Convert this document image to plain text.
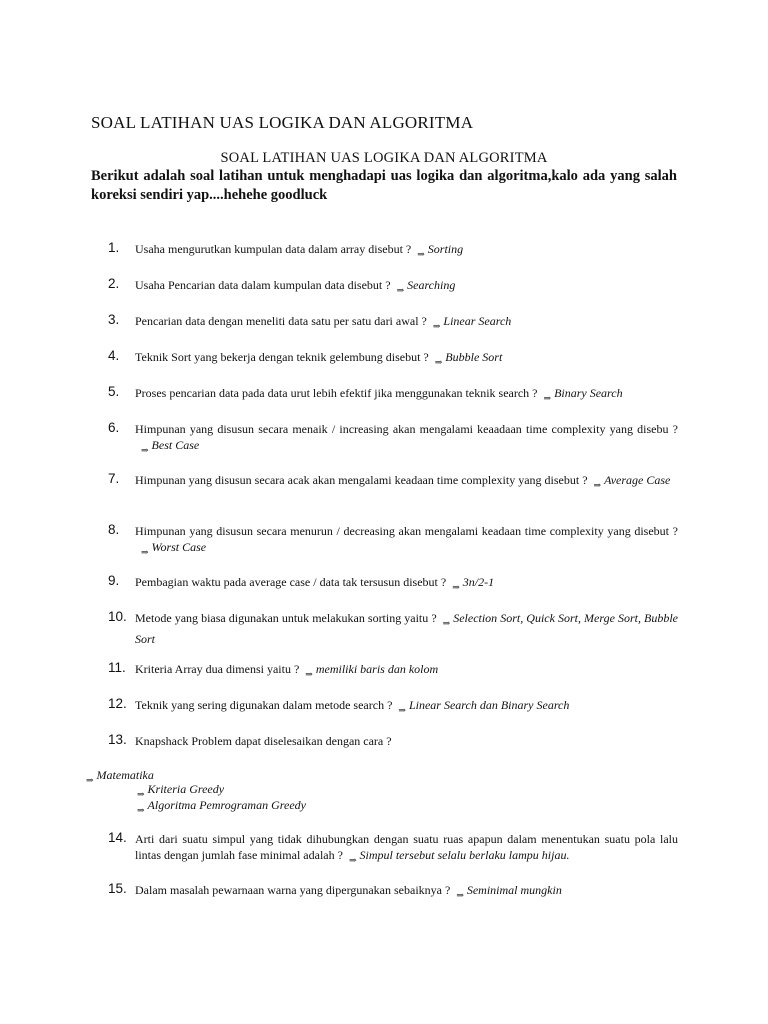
SOAL LATIHAN UAS LOGIKA DAN ALGORITMA
SOAL LATIHAN UAS LOGIKA DAN ALGORITMA
Berikut adalah soal latihan untuk menghadapi uas logika dan algoritma,kalo ada yang salah koreksi sendiri yap....hehehe goodluck
1.	Usaha mengurutkan kumpulan data dalam array disebut ? ⇒ Sorting
2.	Usaha Pencarian data dalam kumpulan data disebut ? ⇒ Searching
3.	Pencarian data dengan meneliti data satu per satu dari awal ? ⇒ Linear Search
4.	Teknik Sort yang bekerja dengan teknik gelembung disebut ? ⇒ Bubble Sort
5.	Proses pencarian data pada data urut lebih efektif jika menggunakan teknik search ? ⇒ Binary Search
6.	Himpunan yang disusun secara menaik / increasing akan mengalami keaadaan time complexity yang disebu ?⇒ Best Case
7.	Himpunan yang disusun secara acak akan mengalami keadaan time complexity yang disebut ? ⇒ Average Case
8.	Himpunan yang disusun secara menurun / decreasing akan mengalami keadaan time complexity yang disebut ?⇒ Worst Case
9.	Pembagian waktu pada average case / data tak tersusun disebut ? ⇒ 3n/2-1
10. Metode yang biasa digunakan untuk melakukan sorting yaitu ? ⇒ Selection Sort, Quick Sort, Merge Sort, Bubble Sort
11. Kriteria Array dua dimensi yaitu ? ⇒ memiliki baris dan kolom
12. Teknik yang sering digunakan dalam metode search ? ⇒ Linear Search dan Binary Search
13. Knapshack Problem dapat diselesaikan dengan cara ?
⇒ Matematika
⇒ Kriteria Greedy
⇒ Algoritma Pemrograman Greedy
14. Arti dari suatu simpul yang tidak dihubungkan dengan suatu ruas apapun dalam menentukan suatu pola lalu lintas dengan jumlah fase minimal adalah ? ⇒ Simpul tersebut selalu berlaku lampu hijau.
15. Dalam masalah pewarnaan warna yang dipergunakan sebaiknya ? ⇒ Seminimal mungkin
